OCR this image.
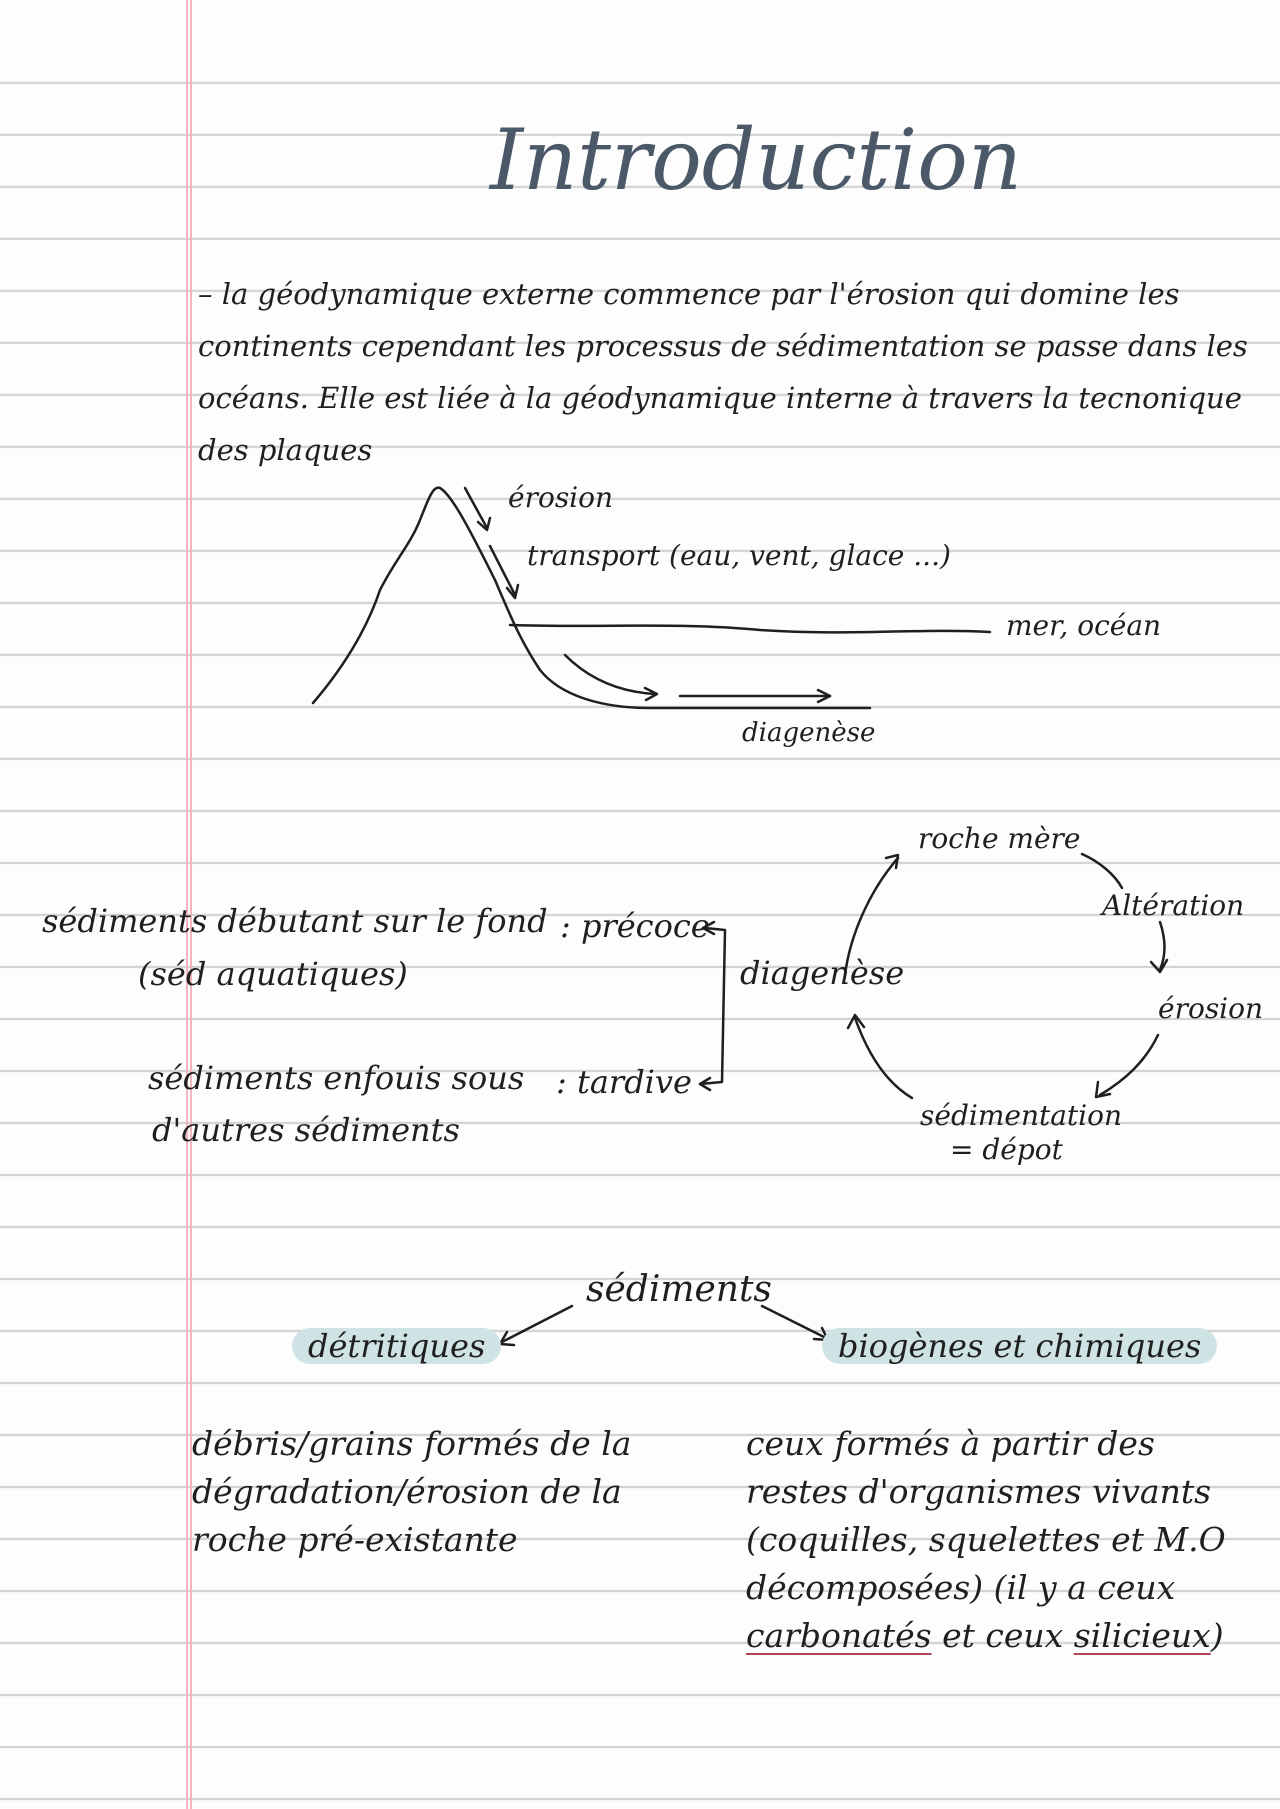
Introduction
– la géodynamique externe commence par l'érosion qui domine les continents cependant les processus de sédimentation se passe dans les océans. Elle est liée à la géodynamique interne à travers la tecnonique des plaques
érosion
transport (eau, vent, glace ...)
mer, océan
diagenèse
sédiments débutant sur le fond
(séd aquatiques)
: précoce
sédiments enfouis sous
d'autres sédiments
: tardive
roche mère
Altération
érosion
sédimentation
= dépot
diagenèse
sédiments
détritiques	biogènes et chimiques
débris/grains formés de la dégradation/érosion de la roche pré-existante
ceux formés à partir des restes d'organismes vivants (coquilles, squelettes et M.O décomposées) (il y a ceux carbonatés et ceux silicieux)
